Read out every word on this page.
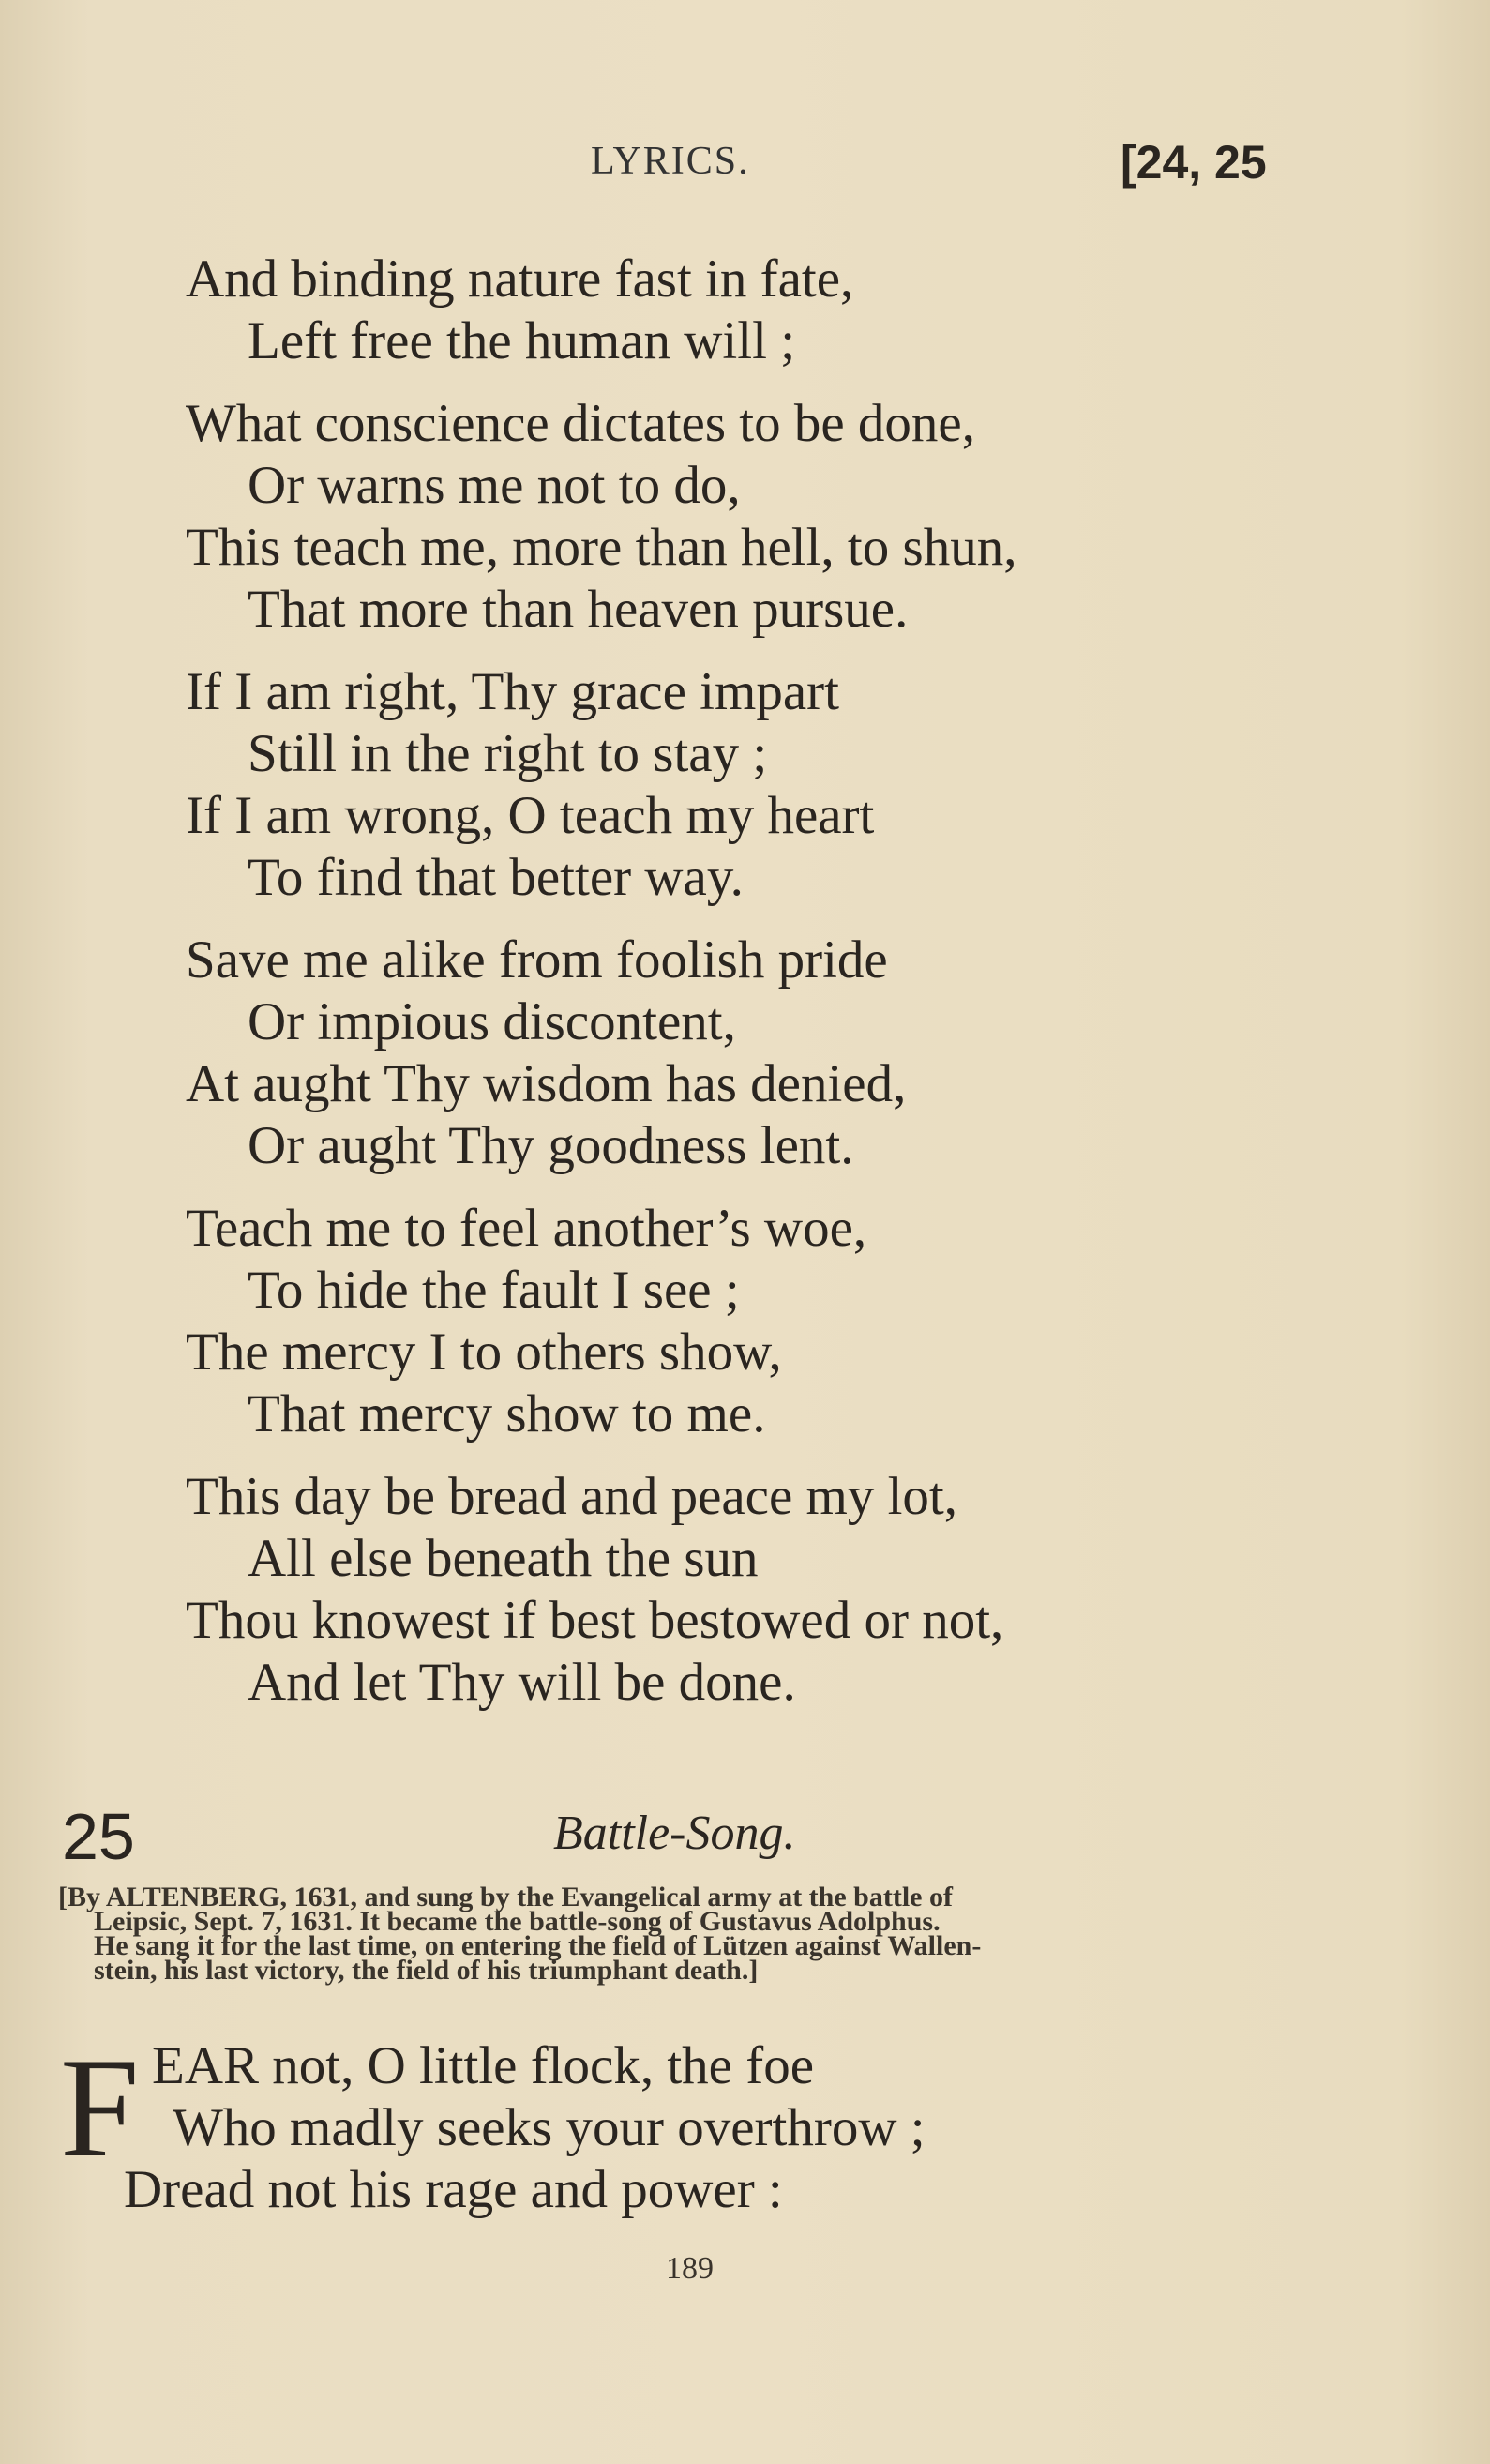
LYRICS.	[24, 25
And binding nature fast in fate,
Left free the human will ;
What conscience dictates to be done,
Or warns me not to do,
This teach me, more than hell, to shun,
That more than heaven pursue.
If I am right, Thy grace impart
Still in the right to stay ;
If I am wrong, O teach my heart
To find that better way.
Save me alike from foolish pride
Or impious discontent,
At aught Thy wisdom has denied,
Or aught Thy goodness lent.
Teach me to feel another’s woe,
To hide the fault I see ;
The mercy I to others show,
That mercy show to me.
This day be bread and peace my lot,
All else beneath the sun
Thou knowest if best bestowed or not,
And let Thy will be done.
25	Battle-Song.
[By ALTENBERG, 1631, and sung by the Evangelical army at the battle of
Leipsic, Sept. 7, 1631. It became the battle-song of Gustavus Adolphus.
He sang it for the last time, on entering the field of Lützen against Wallen-
stein, his last victory, the field of his triumphant death.]
F EAR not, O little flock, the foe
Who madly seeks your overthrow ;
Dread not his rage and power :
189
